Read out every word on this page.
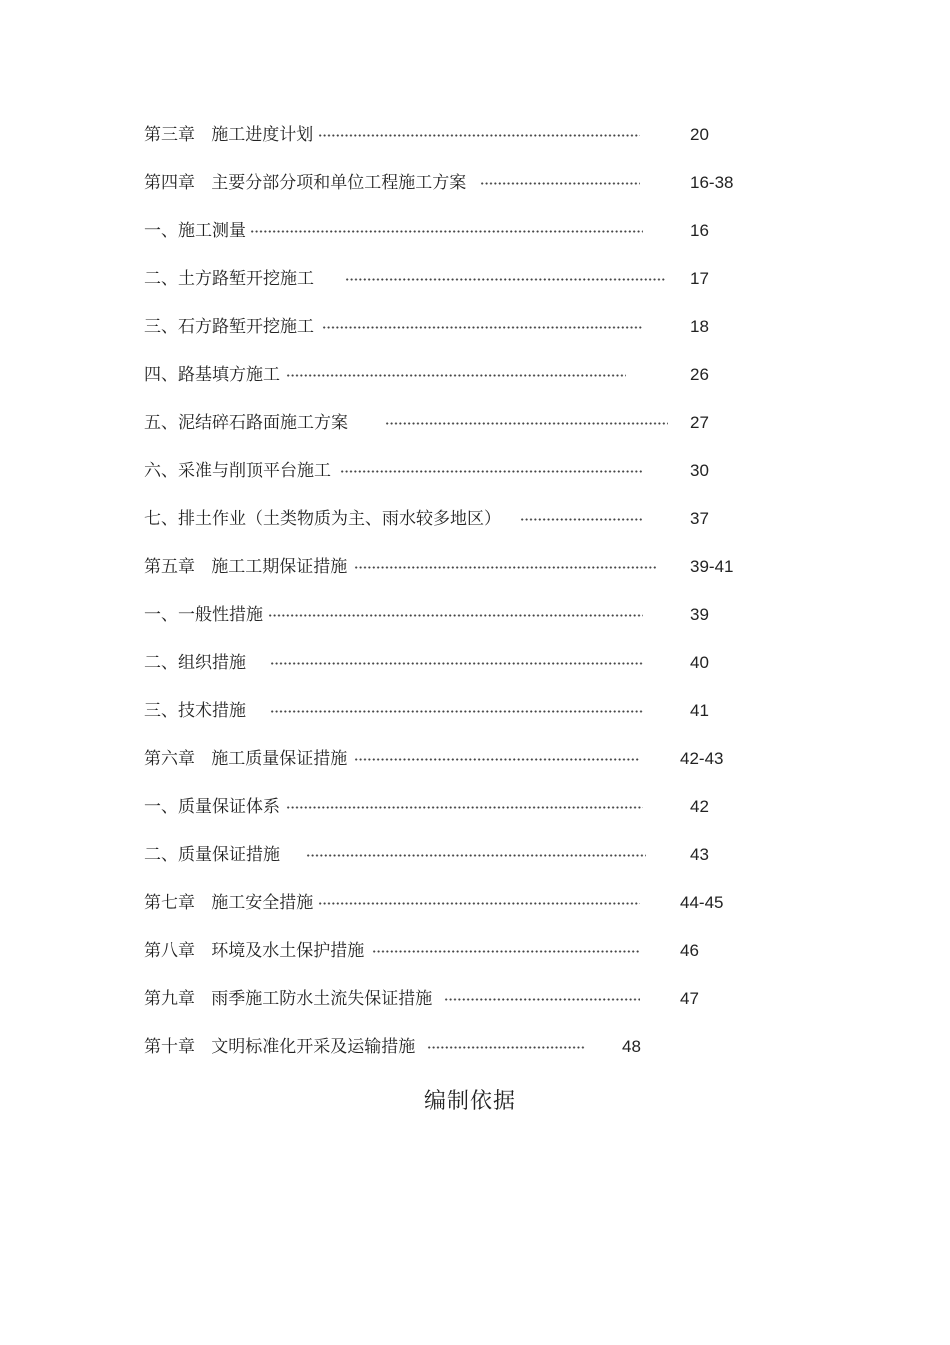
第三章   施工进度计划	20
第四章   主要分部分项和单位工程施工方案	16-38
一、施工测量	16
二、土方路堑开挖施工	17
三、石方路堑开挖施工	18
四、路基填方施工	26
五、泥结碎石路面施工方案	27
六、采准与削顶平台施工	30
七、排土作业（土类物质为主、雨水较多地区）	37
第五章   施工工期保证措施	39-41
一、一般性措施	39
二、组织措施	40
三、技术措施	41
第六章   施工质量保证措施	42-43
一、质量保证体系	42
二、质量保证措施	43
第七章   施工安全措施	44-45
第八章   环境及水土保护措施	46
第九章   雨季施工防水土流失保证措施	47
第十章   文明标准化开采及运输措施	48
编制依据
